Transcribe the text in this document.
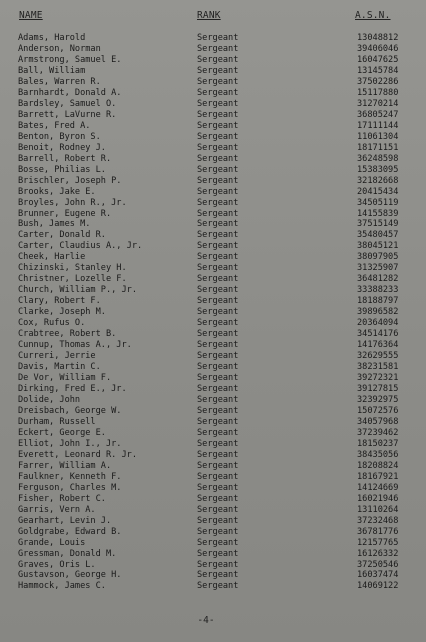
NAME	RANK	A.S.N.
Adams, Harold	Sergeant	13048812
Anderson, Norman	Sergeant	39406046
Armstrong, Samuel E.	Sergeant	16047625
Ball, William	Sergeant	13145784
Bales, Warren R.	Sergeant	37502286
Barnhardt, Donald A.	Sergeant	15117880
Bardsley, Samuel O.	Sergeant	31270214
Barrett, LaVurne R.	Sergeant	36805247
Bates, Fred A.	Sergeant	17111144
Benton, Byron S.	Sergeant	11061304
Benoit, Rodney J.	Sergeant	18171151
Barrell, Robert R.	Sergeant	36248598
Bosse, Philias L.	Sergeant	15383095
Brischler, Joseph P.	Sergeant	32182668
Brooks, Jake E.	Sergeant	20415434
Broyles, John R., Jr.	Sergeant	34505119
Brunner, Eugene R.	Sergeant	14155839
Bush, James M.	Sergeant	37515149
Carter, Donald R.	Sergeant	35480457
Carter, Claudius A., Jr.	Sergeant	38045121
Cheek, Harlie	Sergeant	38097905
Chizinski, Stanley H.	Sergeant	31325907
Christner, Lozelle F.	Sergeant	36481282
Church, William P., Jr.	Sergeant	33388233
Clary, Robert F.	Sergeant	18188797
Clarke, Joseph M.	Sergeant	39896582
Cox, Rufus O.	Sergeant	20364094
Crabtree, Robert B.	Sergeant	34514176
Cunnup, Thomas A., Jr.	Sergeant	14176364
Curreri, Jerrie	Sergeant	32629555
Davis, Martin C.	Sergeant	38231581
De Vor, William F.	Sergeant	39272321
Dirking, Fred E., Jr.	Sergeant	39127815
Dolide, John	Sergeant	32392975
Dreisbach, George W.	Sergeant	15072576
Durham, Russell	Sergeant	34057968
Eckert, George E.	Sergeant	37239462
Elliot, John I., Jr.	Sergeant	18150237
Everett, Leonard R. Jr.	Sergeant	38435056
Farrer, William A.	Sergeant	18208824
Faulkner, Kenneth F.	Sergeant	18167921
Ferguson, Charles M.	Sergeant	14124669
Fisher, Robert C.	Sergeant	16021946
Garris, Vern A.	Sergeant	13110264
Gearhart, Levin J.	Sergeant	37232468
Goldgrabe, Edward B.	Sergeant	36781776
Grande, Louis	Sergeant	12157765
Gressman, Donald M.	Sergeant	16126332
Graves, Oris L.	Sergeant	37250546
Gustavson, George H.	Sergeant	16037474
Hammock, James C.	Sergeant	14069122
-4-
